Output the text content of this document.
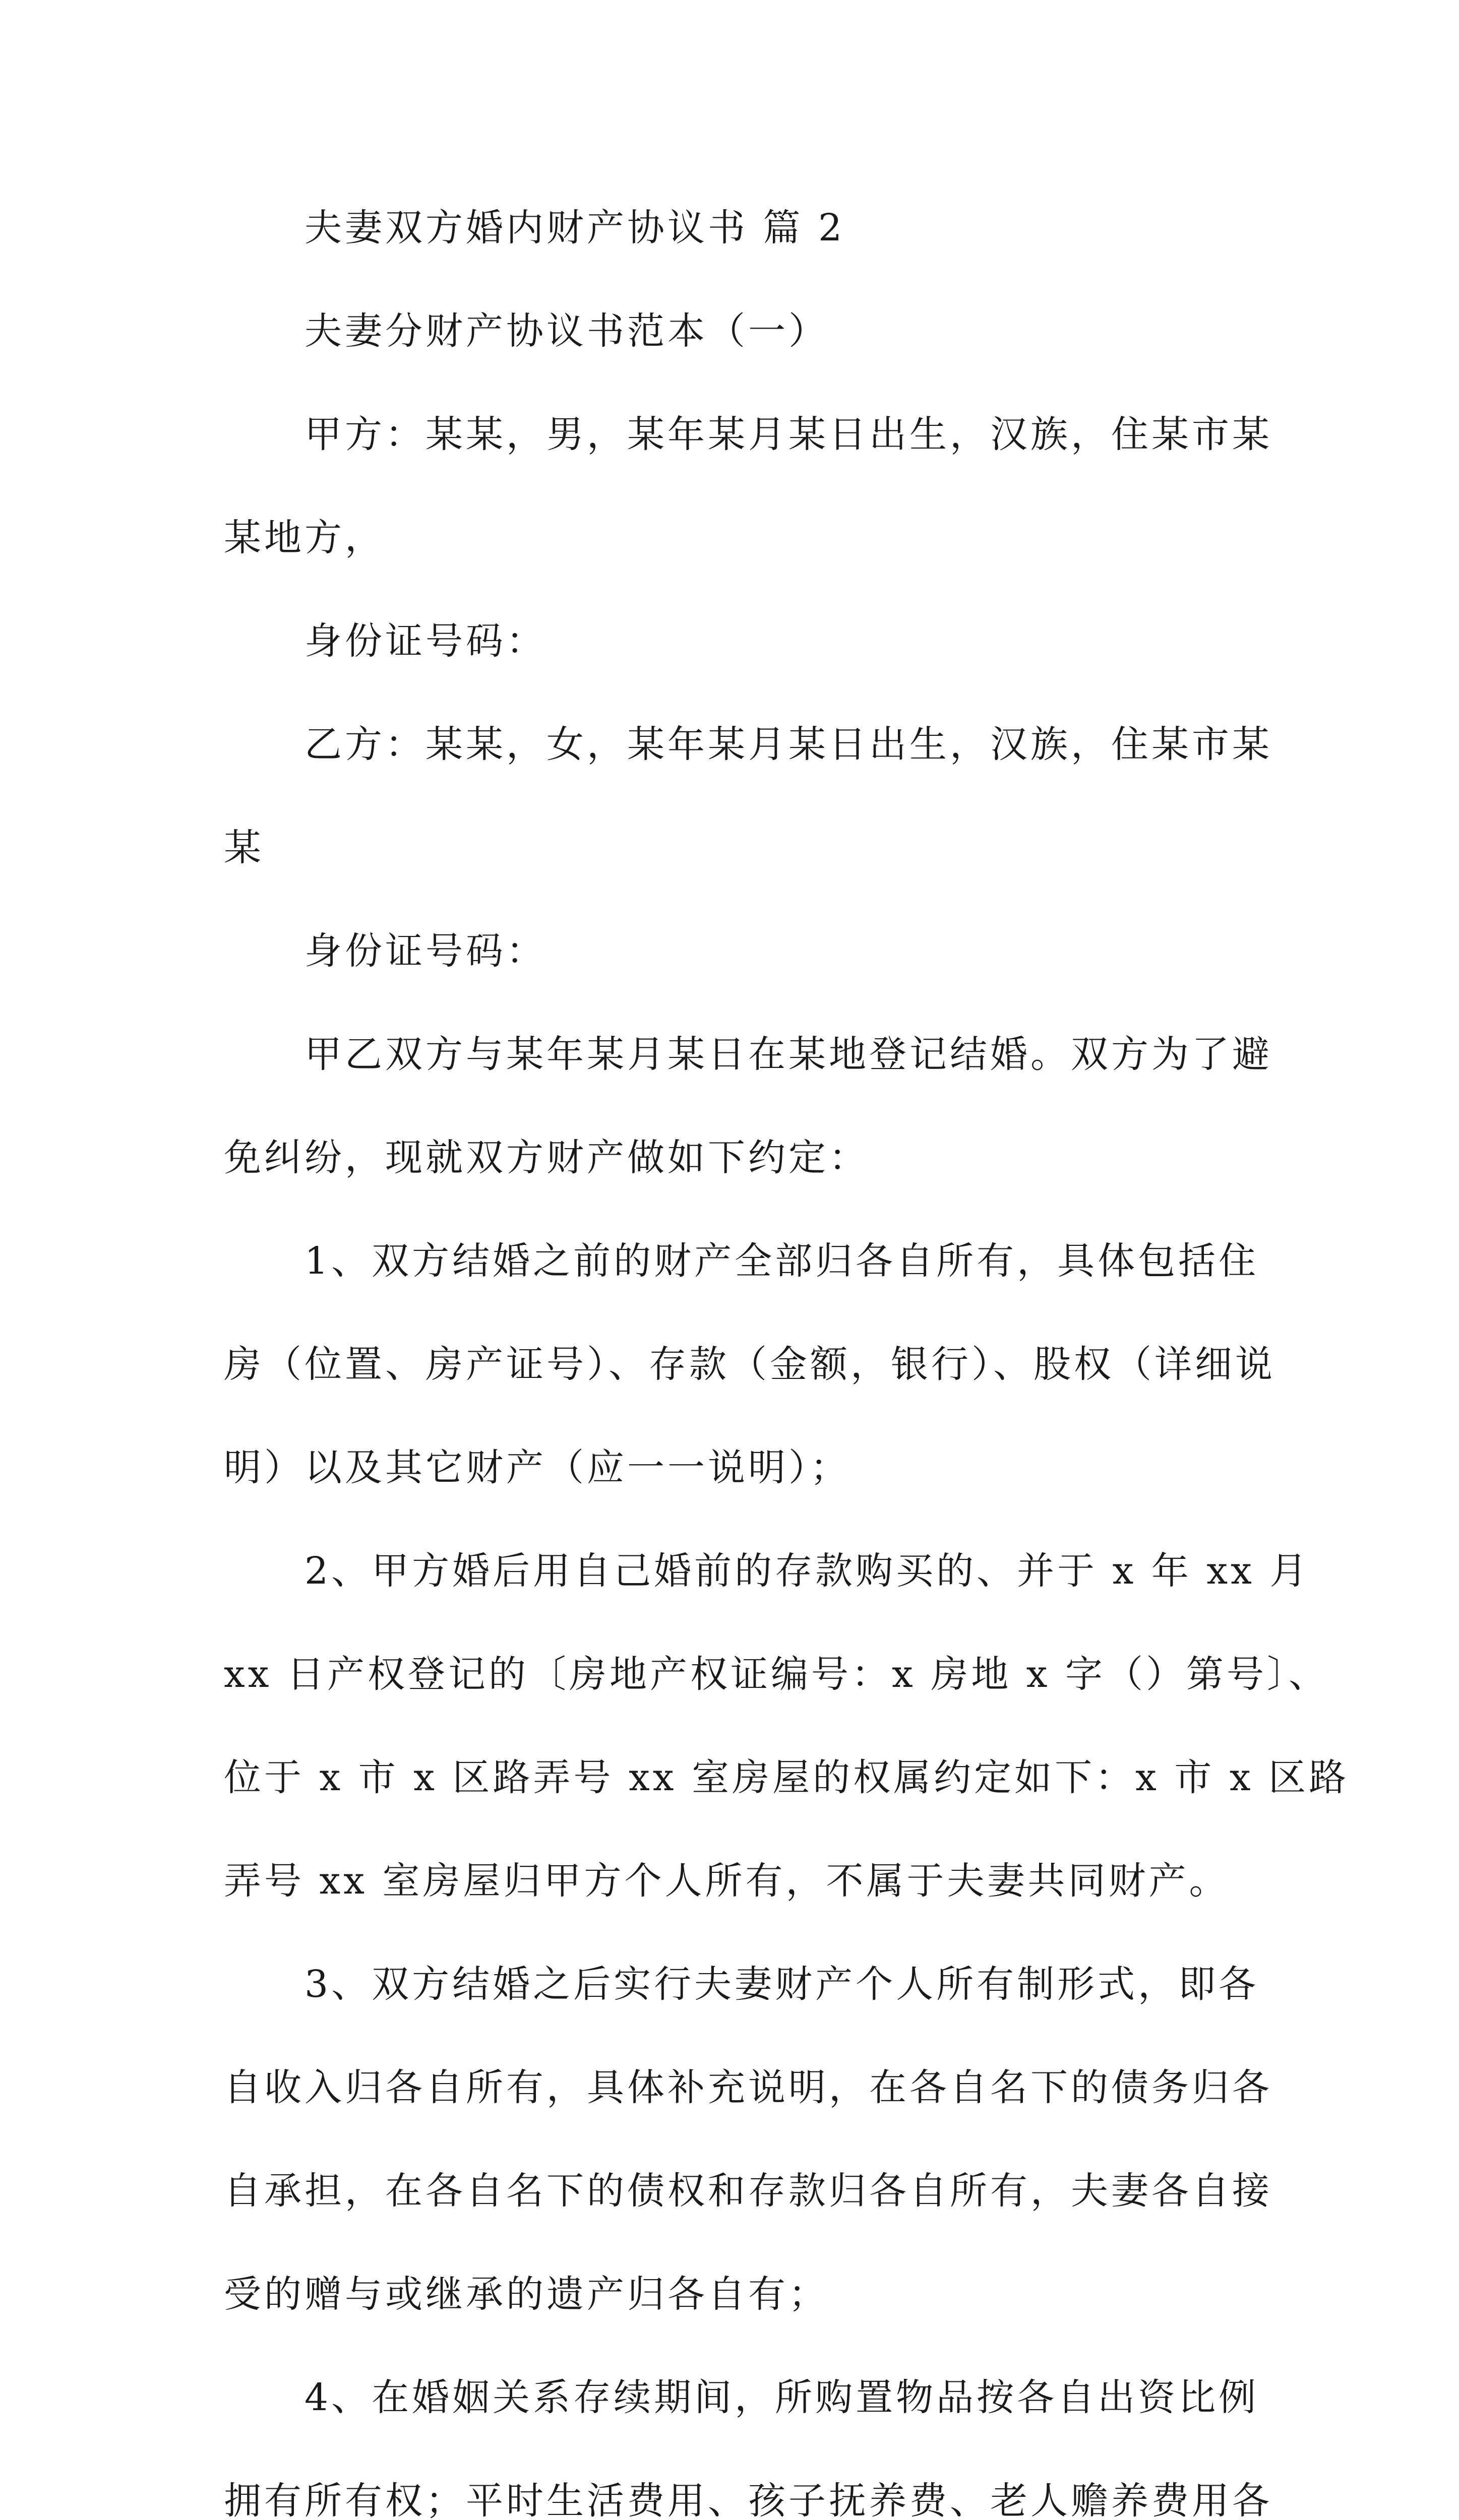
夫妻双方婚内财产协议书 篇 2
夫妻分财产协议书范本（一）
甲方：某某，男，某年某月某日出生，汉族，住某市某
某地方，
身份证号码：
乙方：某某，女，某年某月某日出生，汉族，住某市某
某
身份证号码：
甲乙双方与某年某月某日在某地登记结婚。双方为了避
免纠纷，现就双方财产做如下约定：
1、双方结婚之前的财产全部归各自所有，具体包括住
房（位置、房产证号）、存款（金额，银行）、股权（详细说
明）以及其它财产（应一一说明）；
2、甲方婚后用自己婚前的存款购买的、并于 x 年 xx 月
xx 日产权登记的〔房地产权证编号：x 房地 x 字（）第号〕、
位于 x 市 x 区路弄号 xx 室房屋的权属约定如下：x 市 x 区路
弄号 xx 室房屋归甲方个人所有，不属于夫妻共同财产。
3、双方结婚之后实行夫妻财产个人所有制形式，即各
自收入归各自所有，具体补充说明，在各自名下的债务归各
自承担，在各自名下的债权和存款归各自所有，夫妻各自接
受的赠与或继承的遗产归各自有；
4、在婚姻关系存续期间，所购置物品按各自出资比例
拥有所有权；平时生活费用、孩子抚养费、老人赡养费用各
